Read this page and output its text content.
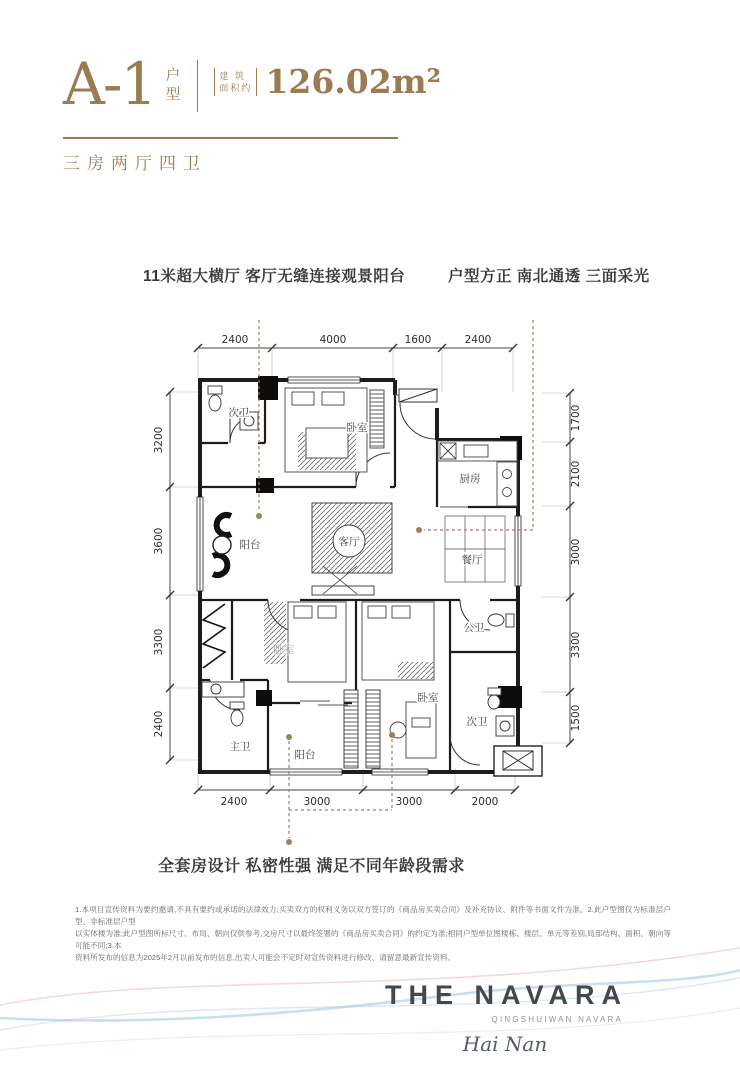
A-1 户
型
建 筑
面积约 126.02m²
三房两厅四卫
11米超大横厅 客厅无缝连接观景阳台	户型方正 南北通透 三面采光
全套房设计 私密性强 满足不同年龄段需求
2400	4000	1600	2400
2400	3000	3000	2000
3200
3600
3300
2400
1700
2100
3000
3300
1500
次卫
卧室
厨房
阳台	客厅
餐厅
公卫
卧室
卧室
次卫
主卫
阳台
1.本项目宣传资料为要约邀请,不具有要约或承诺的法律效力;买卖双方的权利义务以双方签订的《商品房买卖合同》及补充协议、附件等书面文件为准。2.此户型图仅为标准层户型、非标准层户型
以实体楼为准;此户型图所标尺寸、布局、朝向仅供参考,交房尺寸以最终签署的《商品房买卖合同》的约定为准;相同户型单位图楼栋、楼层、单元等差别,局部结构、面积、朝向等可能不同;3.本
资料所发布的信息为2025年2月以前发布的信息,出卖人可能会不定时对宣传资料进行修改、请留意最新宣传资料。
THE NAVARA
QINGSHUIWAN NAVARA
Hai Nan
